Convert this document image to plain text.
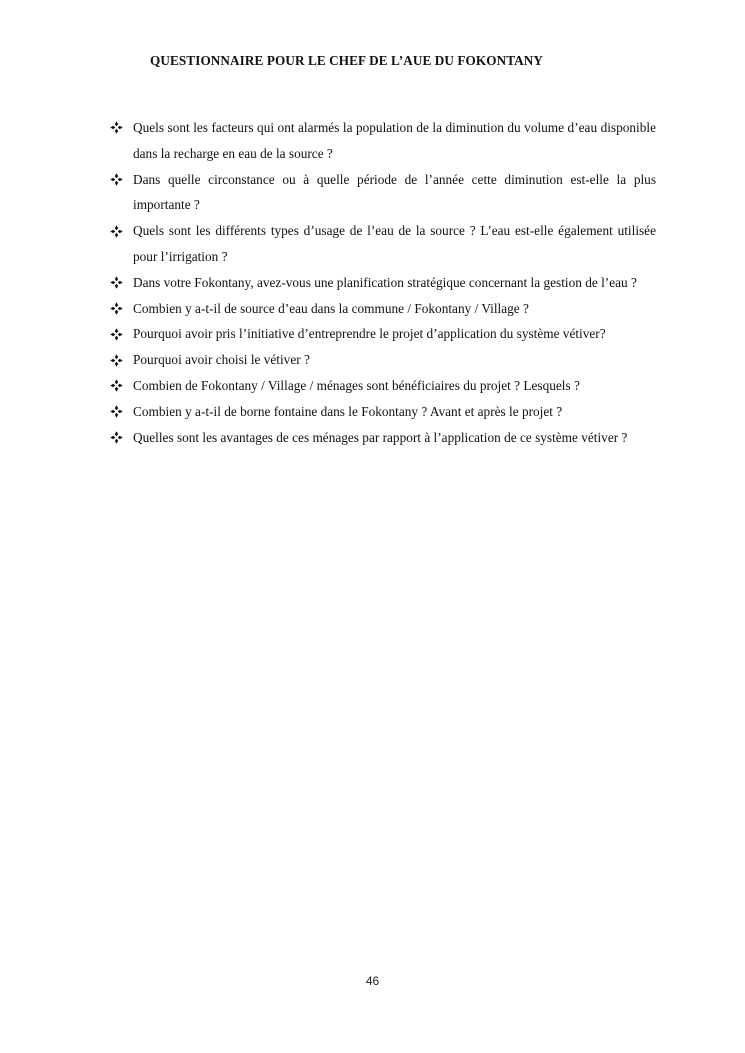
QUESTIONNAIRE POUR LE CHEF DE L’AUE DU FOKONTANY
Quels sont les facteurs qui ont alarmés la population de la diminution du volume d’eau disponible dans la recharge en eau de la source ?
Dans quelle circonstance ou à quelle période de l’année cette diminution est-elle la plus importante ?
Quels sont les différents types d’usage de l’eau de la source ? L’eau est-elle également utilisée pour l’irrigation ?
Dans votre Fokontany, avez-vous une planification stratégique concernant la gestion de l’eau ?
Combien y a-t-il de source d’eau dans la commune / Fokontany / Village ?
Pourquoi avoir pris l’initiative d’entreprendre le projet d’application du système vétiver?
Pourquoi avoir choisi le vétiver ?
Combien de Fokontany / Village / ménages sont bénéficiaires du projet ? Lesquels ?
Combien y a-t-il de borne fontaine dans le Fokontany ? Avant et après le projet ?
Quelles sont les avantages de ces ménages par rapport à l’application de ce système vétiver ?
46
